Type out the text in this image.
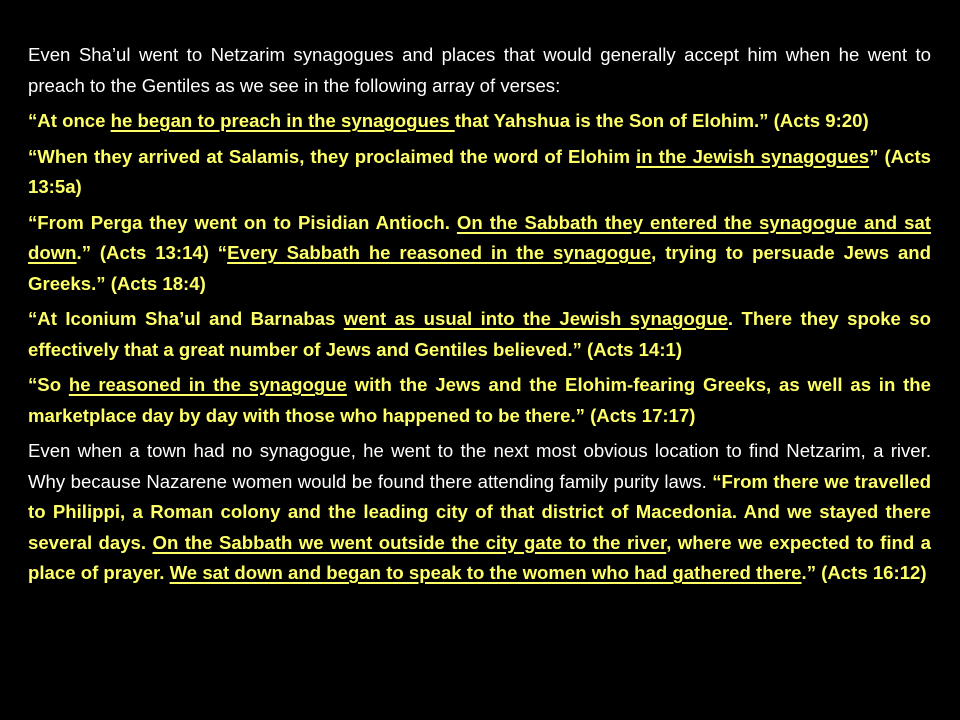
Even Sha’ul went to Netzarim synagogues and places that would generally accept him when he went to preach to the Gentiles as we see in the following array of verses:

“At once he began to preach in the synagogues that Yahshua is the Son of Elohim.” (Acts 9:20)

“When they arrived at Salamis, they proclaimed the word of Elohim in the Jewish synagogues” (Acts 13:5a)

“From Perga they went on to Pisidian Antioch. On the Sabbath they entered the synagogue and sat down.” (Acts 13:14) “Every Sabbath he reasoned in the synagogue, trying to persuade Jews and Greeks.” (Acts 18:4)

“At Iconium Sha’ul and Barnabas went as usual into the Jewish synagogue. There they spoke so effectively that a great number of Jews and Gentiles believed.” (Acts 14:1)

“So he reasoned in the synagogue with the Jews and the Elohim-fearing Greeks, as well as in the marketplace day by day with those who happened to be there.” (Acts 17:17)

Even when a town had no synagogue, he went to the next most obvious location to find Netzarim, a river. Why because Nazarene women would be found there attending family purity laws. “From there we travelled to Philippi, a Roman colony and the leading city of that district of Macedonia. And we stayed there several days. On the Sabbath we went outside the city gate to the river, where we expected to find a place of prayer. We sat down and began to speak to the women who had gathered there.” (Acts 16:12)
